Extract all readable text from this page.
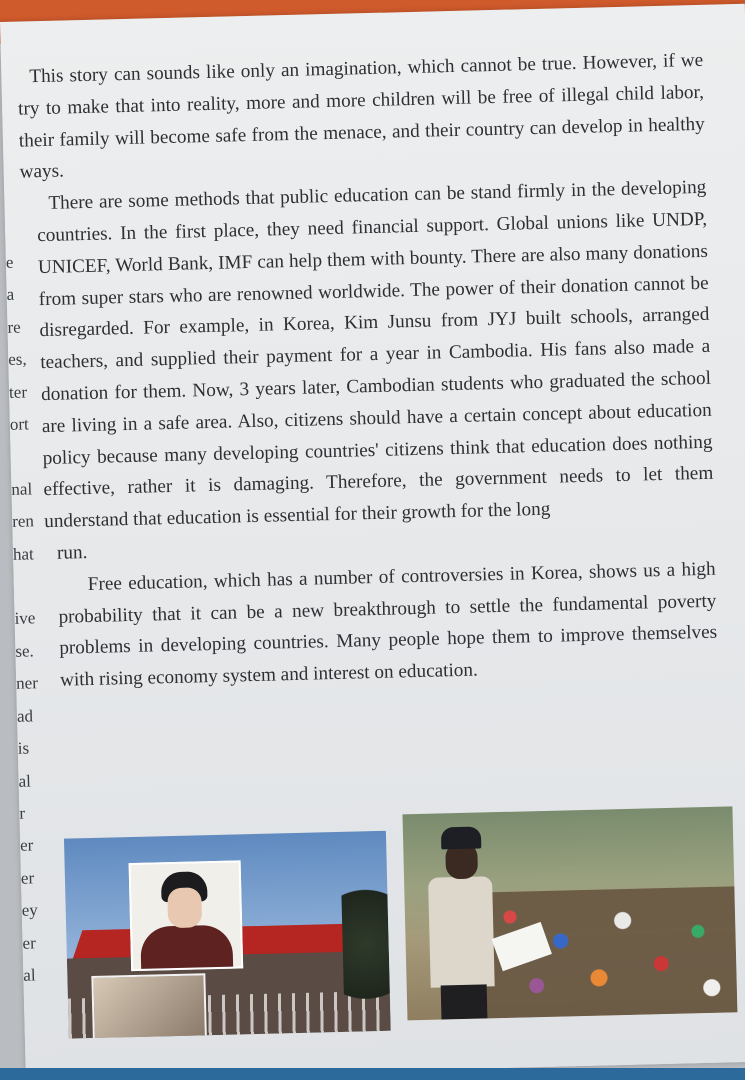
e
a
re
es,
ter
ort

nal
ren
hat

ive
se.
ner
ad
is
al
r
er
er
ey
er
al

This story can sounds like only an imagination, which cannot be true. However, if we try to make that into reality, more and more children will be free of illegal child labor, their family will become safe from the menace, and their country can develop in healthy ways.

There are some methods that public education can be stand firmly in the developing countries. In the first place, they need financial support. Global unions like UNDP, UNICEF, World Bank, IMF can help them with bounty. There are also many donations from super stars who are renowned worldwide. The power of their donation cannot be disregarded. For example, in Korea, Kim Junsu from JYJ built schools, arranged teachers, and supplied their payment for a year in Cambodia. His fans also made a donation for them. Now, 3 years later, Cambodian students who graduated the school are living in a safe area. Also, citizens should have a certain concept about education policy because many developing countries' citizens think that education does nothing effective, rather it is damaging. Therefore, the government needs to let them understand that education is essential for their growth for the long
run.

Free education, which has a number of controversies in Korea, shows us a high probability that it can be a new breakthrough to settle the fundamental poverty problems in developing countries. Many people hope them to improve themselves with rising economy system and interest on education.
